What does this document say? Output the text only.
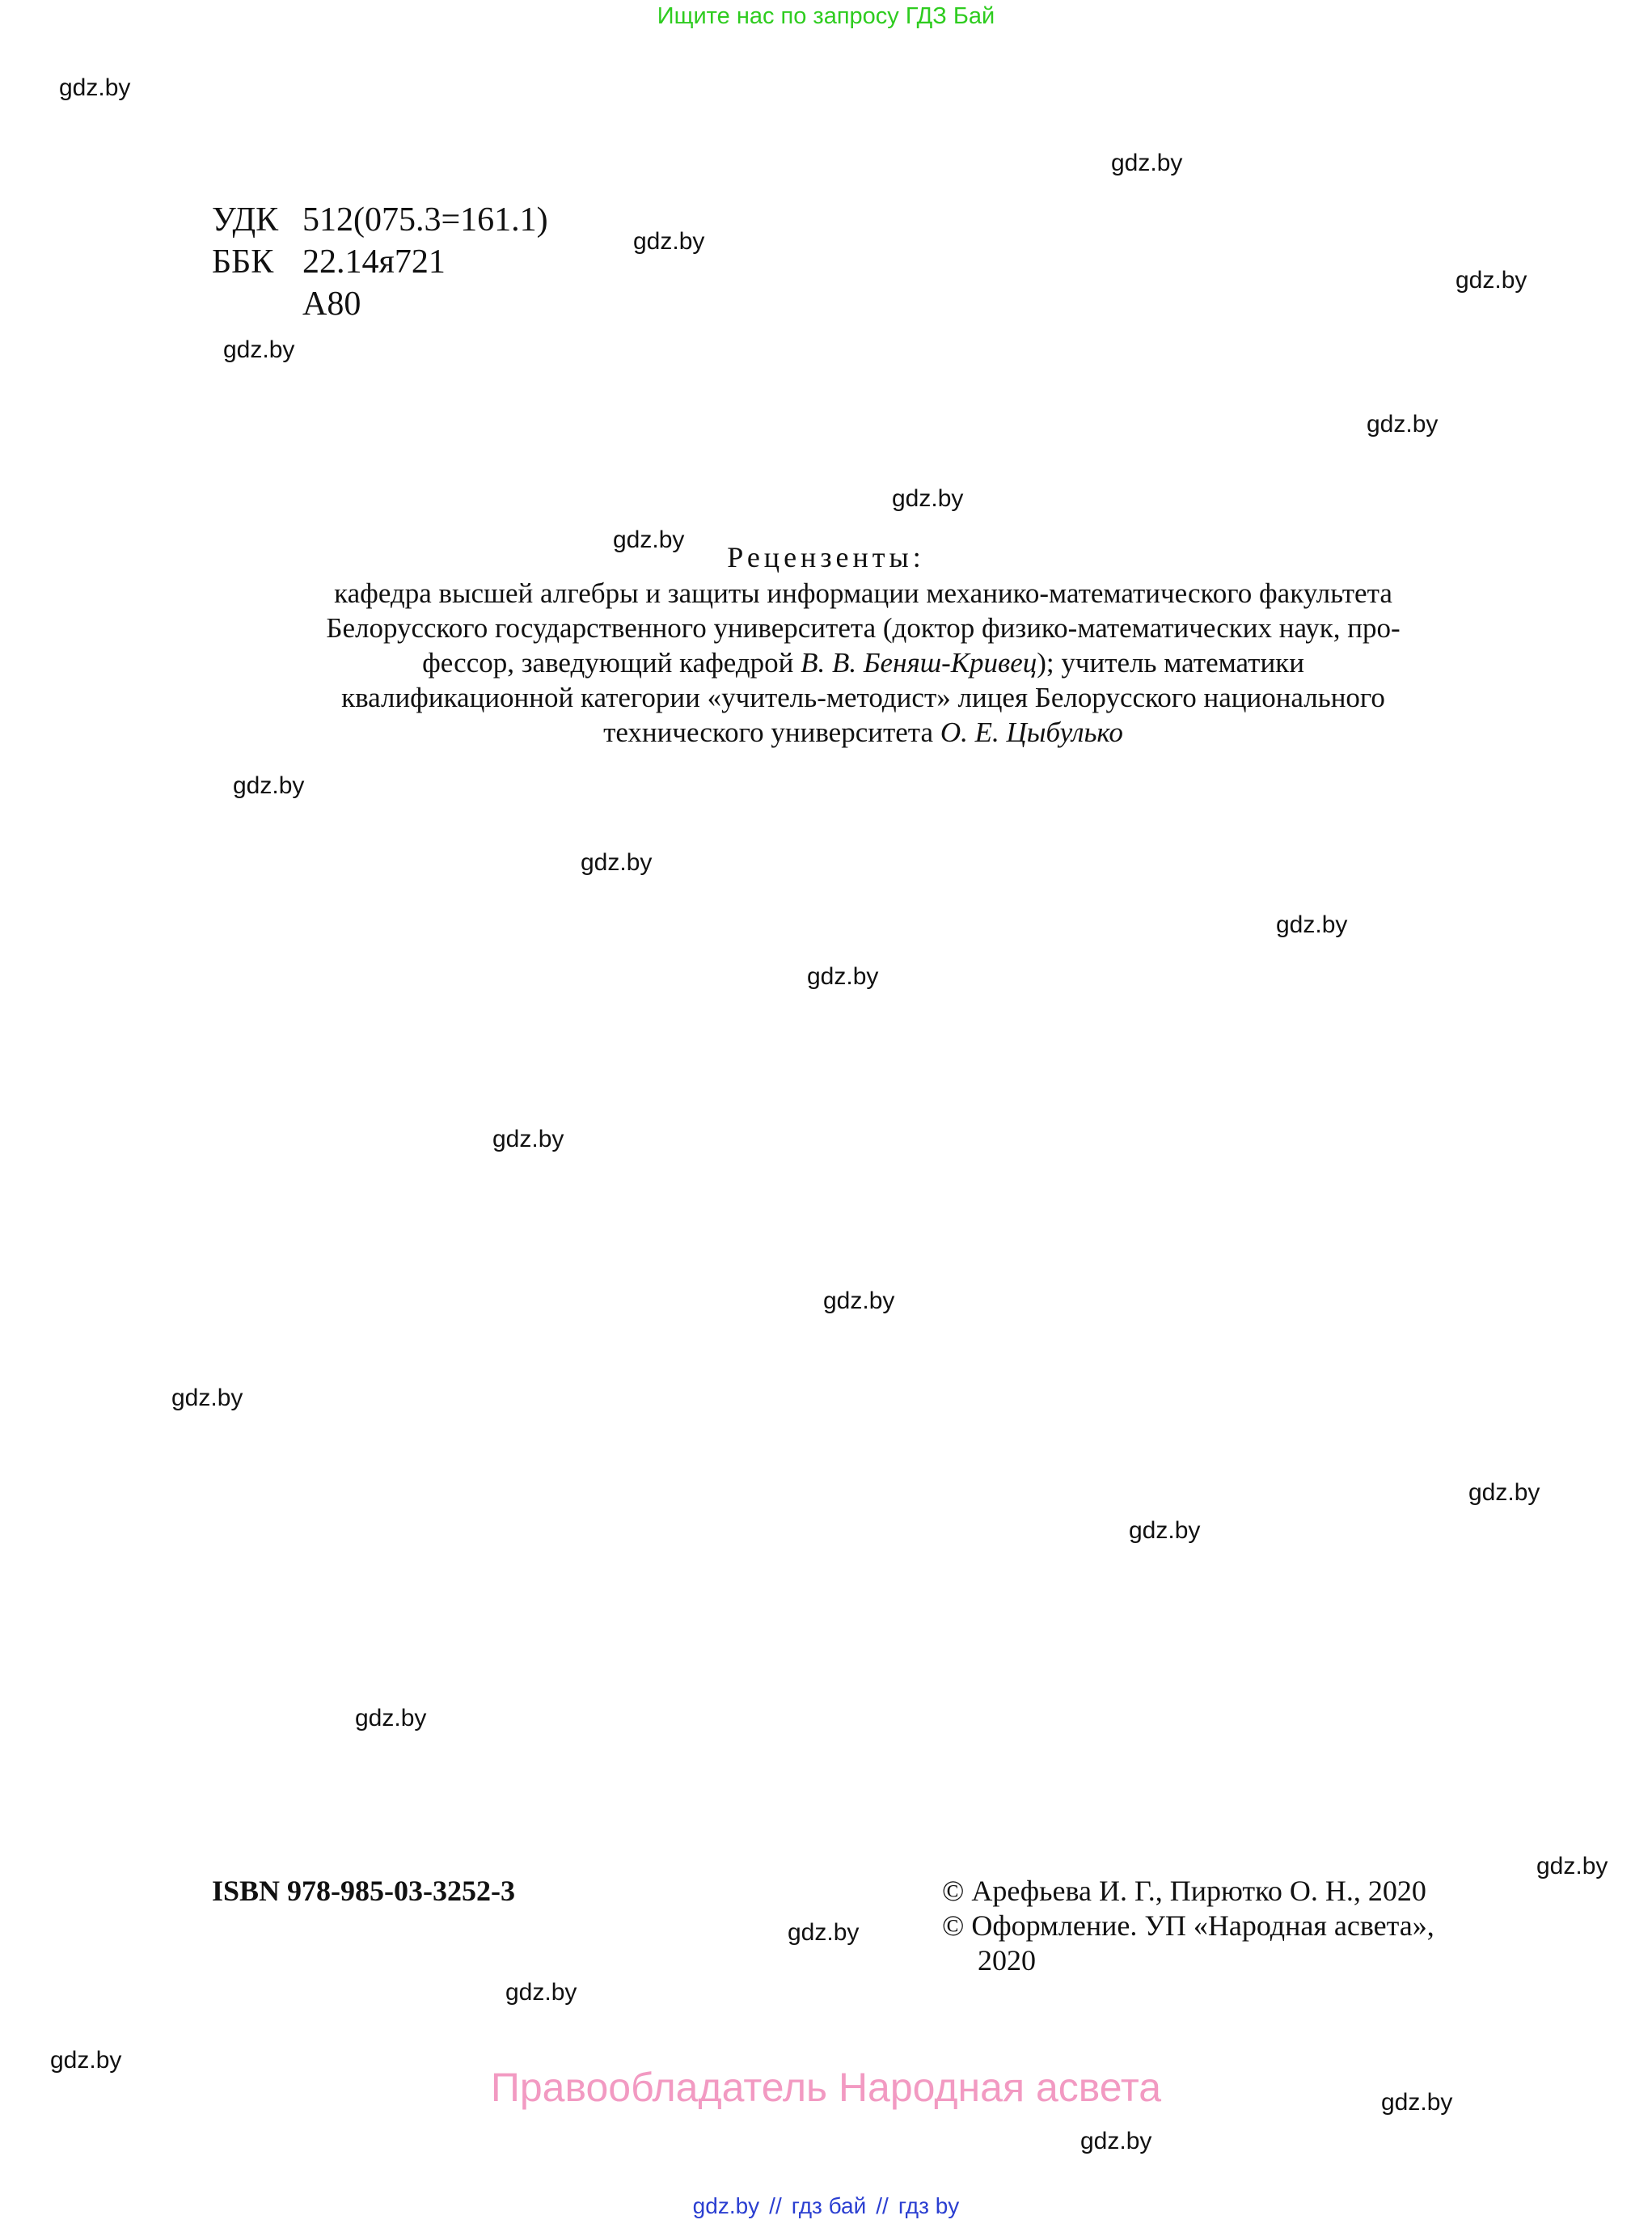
Ищите нас по запросу ГДЗ Бай
gdz.by
gdz.by
gdz.by
gdz.by
gdz.by
gdz.by
gdz.by
gdz.by
gdz.by
gdz.by
gdz.by
gdz.by
gdz.by
gdz.by
gdz.by
gdz.by
gdz.by
gdz.by
gdz.by
gdz.by
gdz.by
gdz.by
gdz.by
gdz.by
УДК 512(075.3=161.1)
ББК 22.14я721
А80
Рецензенты:
кафедра высшей алгебры и защиты информации механико-математического факультета
Белорусского государственного университета (доктор физико-математических наук, про-
фессор, заведующий кафедрой В. В. Беняш-Кривец); учитель математики
квалификационной категории «учитель-методист» лицея Белорусского национального
технического университета О. Е. Цыбулько
ISBN 978-985-03-3252-3	© Арефьева И. Г., Пирютко О. Н., 2020
© Оформление. УП «Народная асвета»,
2020
Правообладатель Народная асвета
gdz.by // гдз бай // гдз by
